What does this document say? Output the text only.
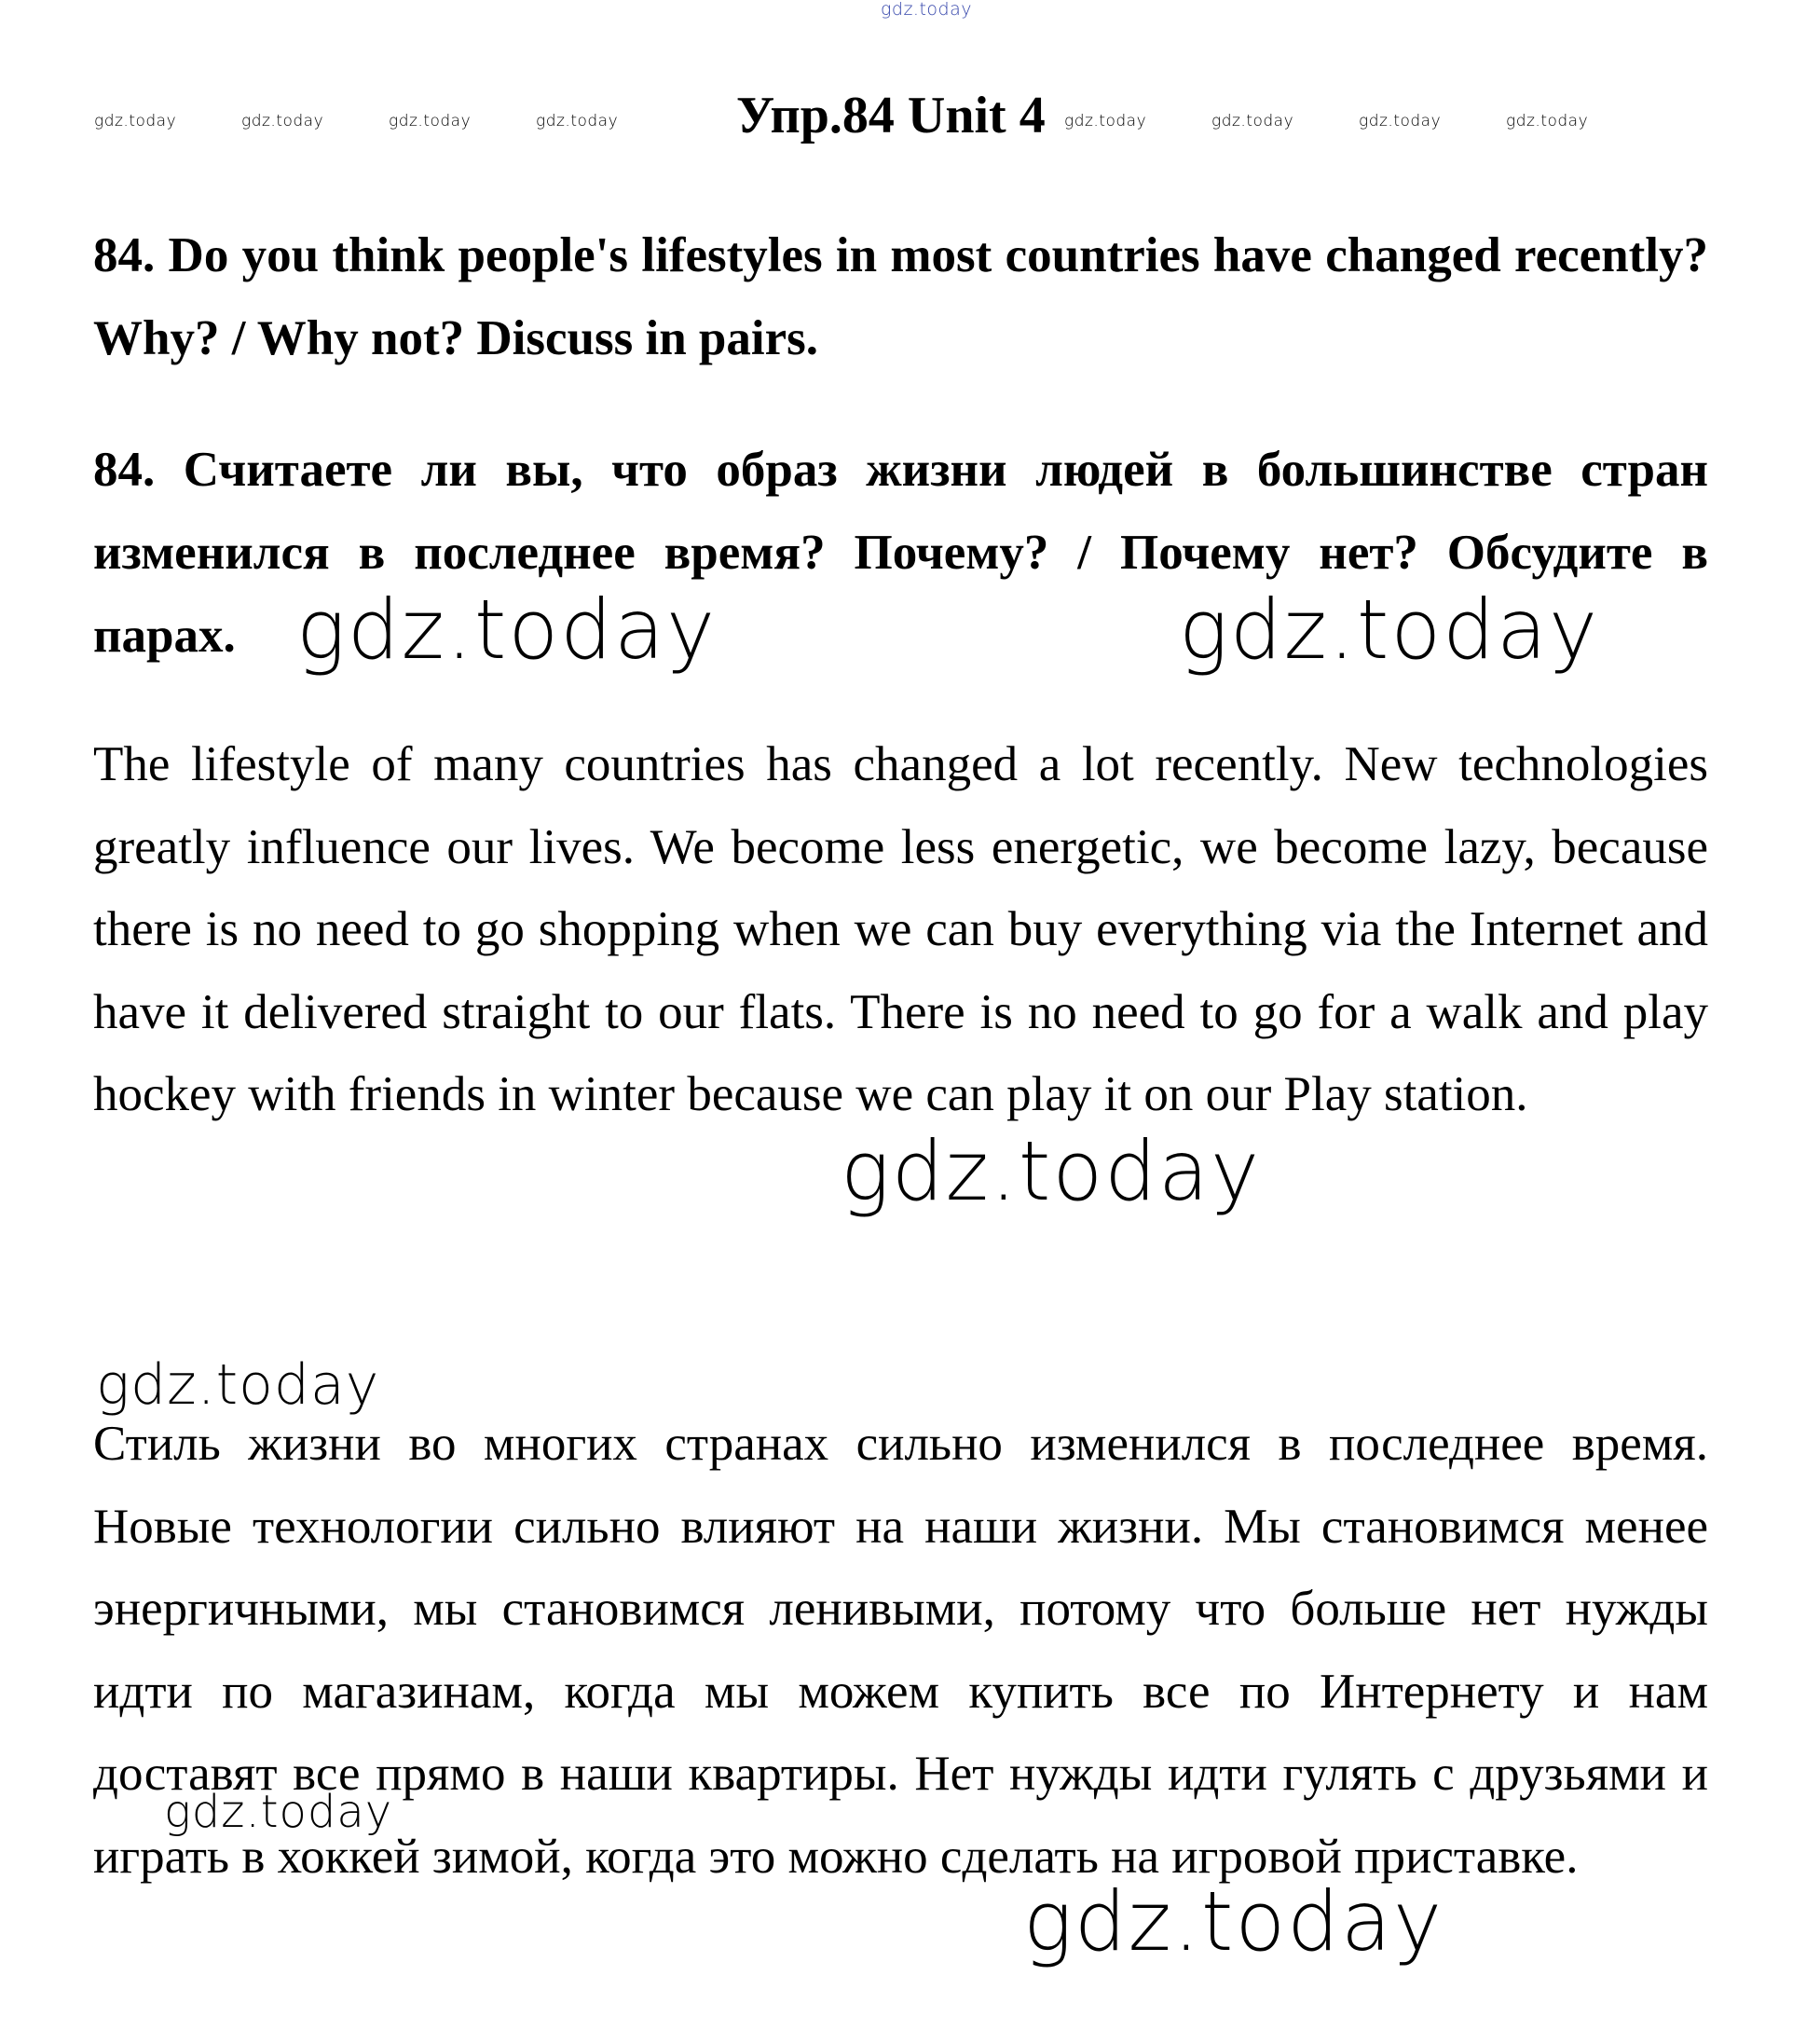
gdz.today
gdz.today	gdz.today	gdz.today	gdz.today	gdz.today	gdz.today	gdz.today	gdz.today
Упр.84 Unit 4

84. Do you think people's lifestyles in most countries have changed recently? Why? / Why not? Discuss in pairs.

84. Считаете ли вы, что образ жизни людей в большинстве стран изменился в последнее время? Почему? / Почему нет? Обсудите в парах. gdz.today	gdz.today

The lifestyle of many countries has changed a lot recently. New technologies greatly influence our lives. We become less energetic, we become lazy, because there is no need to go shopping when we can buy everything via the Internet and have it delivered straight to our flats. There is no need to go for a walk and play hockey with friends in winter because we can play it on our Play station.

gdz.today
gdz.today

Стиль жизни во многих странах сильно изменился в последнее время. Новые технологии сильно влияют на наши жизни. Мы становимся менее энергичными, мы становимся ленивыми, потому что больше нет нужды идти по магазинам, когда мы можем купить все по Интернету и нам доставят все прямо в наши квартиры. Нет нужды идти гулять с друзьями и играть в хоккей зимой, когда это можно сделать на игровой приставке.

gdz.today
gdz.today
